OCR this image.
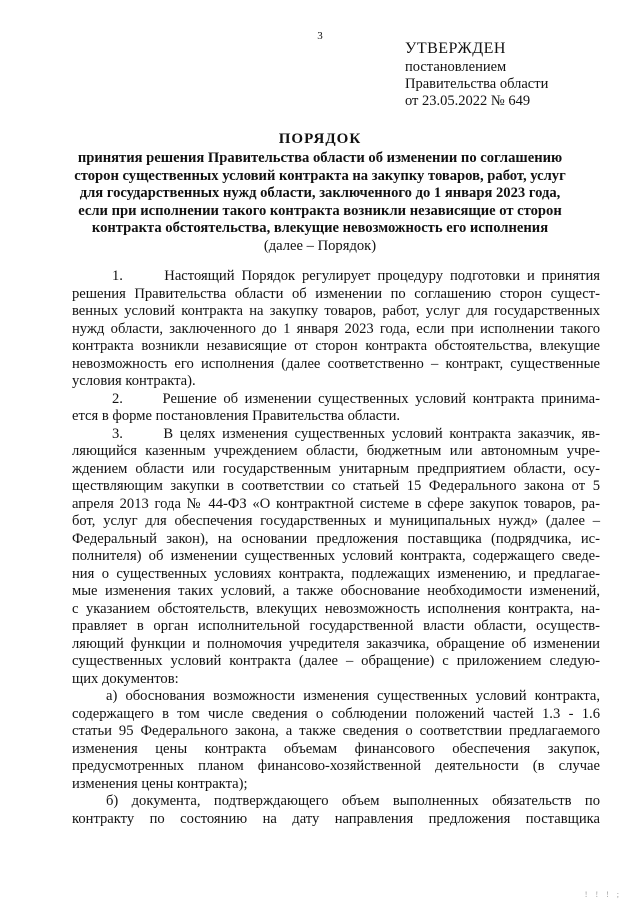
3
УТВЕРЖДЕН
постановлением
Правительства области
от 23.05.2022 № 649
ПОРЯДОК
принятия решения Правительства области об изменении по соглашению
сторон существенных условий контракта на закупку товаров, работ, услуг
для государственных нужд области, заключенного до 1 января 2023 года,
если при исполнении такого контракта возникли независящие от сторон
контракта обстоятельства, влекущие невозможность его исполнения
(далее – Порядок)

1.      Настоящий Порядок регулирует процедуру подготовки и принятия
решения Правительства области об изменении по соглашению сторон сущест-
венных условий контракта на закупку товаров, работ, услуг для государственных
нужд области, заключенного до 1 января 2023 года, если при исполнении такого
контракта возникли независящие от сторон контракта обстоятельства, влекущие
невозможность его исполнения (далее соответственно – контракт, существенные
условия контракта).

2.      Решение об изменении существенных условий контракта принима-
ется в форме постановления Правительства области.

3.      В целях изменения существенных условий контракта заказчик, яв-
ляющийся казенным учреждением области, бюджетным или автономным учре-
ждением области или государственным унитарным предприятием области, осу-
ществляющим закупки в соответствии со статьей 15 Федерального закона от 5
апреля 2013 года № 44-ФЗ «О контрактной системе в сфере закупок товаров, ра-
бот, услуг для обеспечения государственных и муниципальных нужд» (далее –
Федеральный закон), на основании предложения поставщика (подрядчика, ис-
полнителя) об изменении существенных условий контракта, содержащего сведе-
ния о существенных условиях контракта, подлежащих изменению, и предлагае-
мые изменения таких условий, а также обоснование необходимости изменений,
с указанием обстоятельств, влекущих невозможность исполнения контракта, на-
правляет в орган исполнительной государственной власти области, осуществ-
ляющий функции и полномочия учредителя заказчика, обращение об изменении
существенных условий контракта (далее – обращение) с приложением следую-
щих документов:

а) обоснования возможности изменения существенных условий контракта,
содержащего в том числе сведения о соблюдении положений частей 1.3 - 1.6
статьи 95 Федерального закона, а также сведения о соответствии предлагаемого
изменения цены контракта объемам финансового обеспечения закупок,
предусмотренных планом финансово-хозяйственной деятельности (в случае
изменения цены контракта);

б) документа, подтверждающего объем выполненных обязательств по
контракту по состоянию на дату направления предложения поставщика

! ! ! ;
